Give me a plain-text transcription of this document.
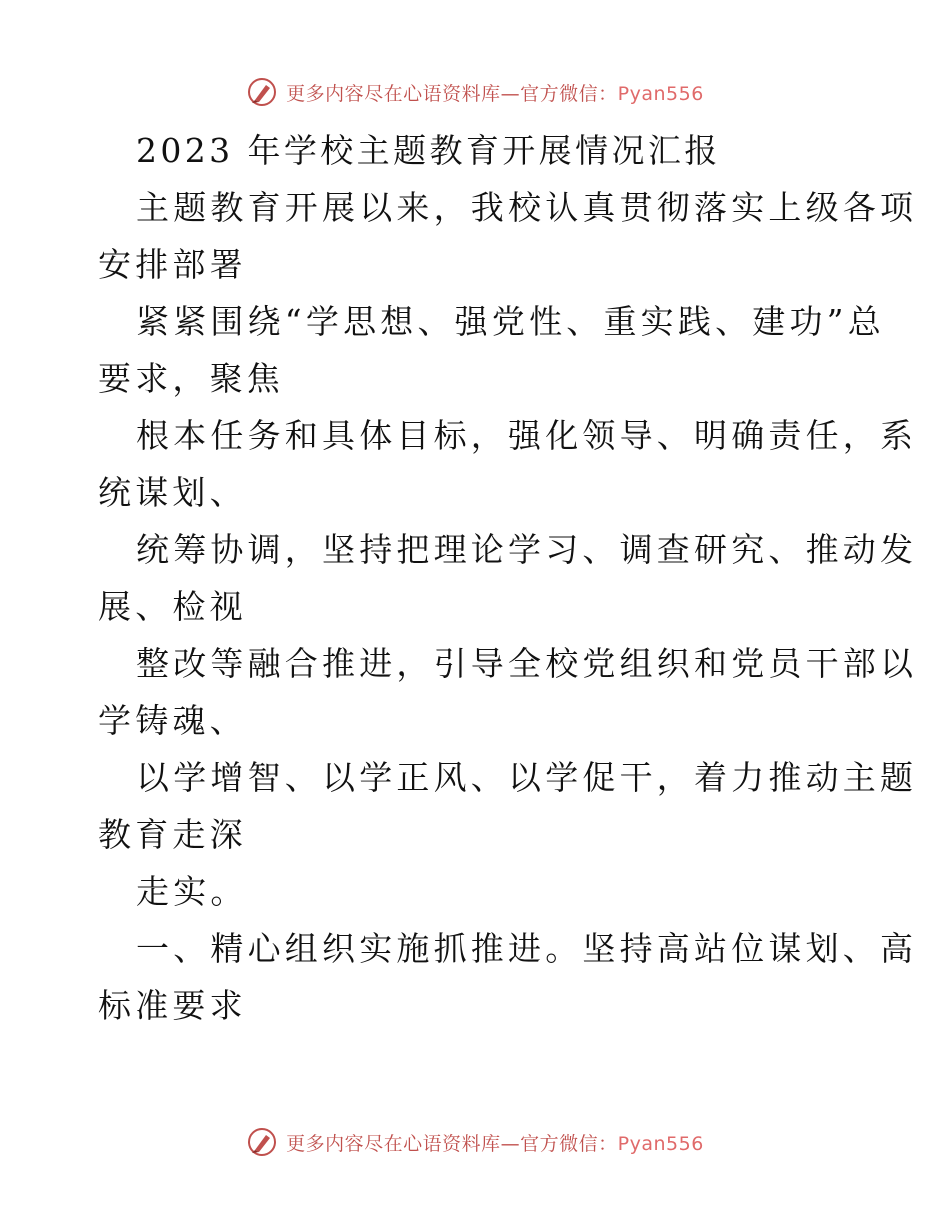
更多内容尽在心语资料库—官方微信：Pyan556
2023 年学校主题教育开展情况汇报
主题教育开展以来，我校认真贯彻落实上级各项
安排部署
紧紧围绕“学思想、强党性、重实践、建功”总
要求，聚焦
根本任务和具体目标，强化领导、明确责任，系
统谋划、
统筹协调，坚持把理论学习、调查研究、推动发
展、检视
整改等融合推进，引导全校党组织和党员干部以
学铸魂、
以学增智、以学正风、以学促干，着力推动主题
教育走深
走实。
一、精心组织实施抓推进。坚持高站位谋划、高
标准要求
更多内容尽在心语资料库—官方微信：Pyan556
